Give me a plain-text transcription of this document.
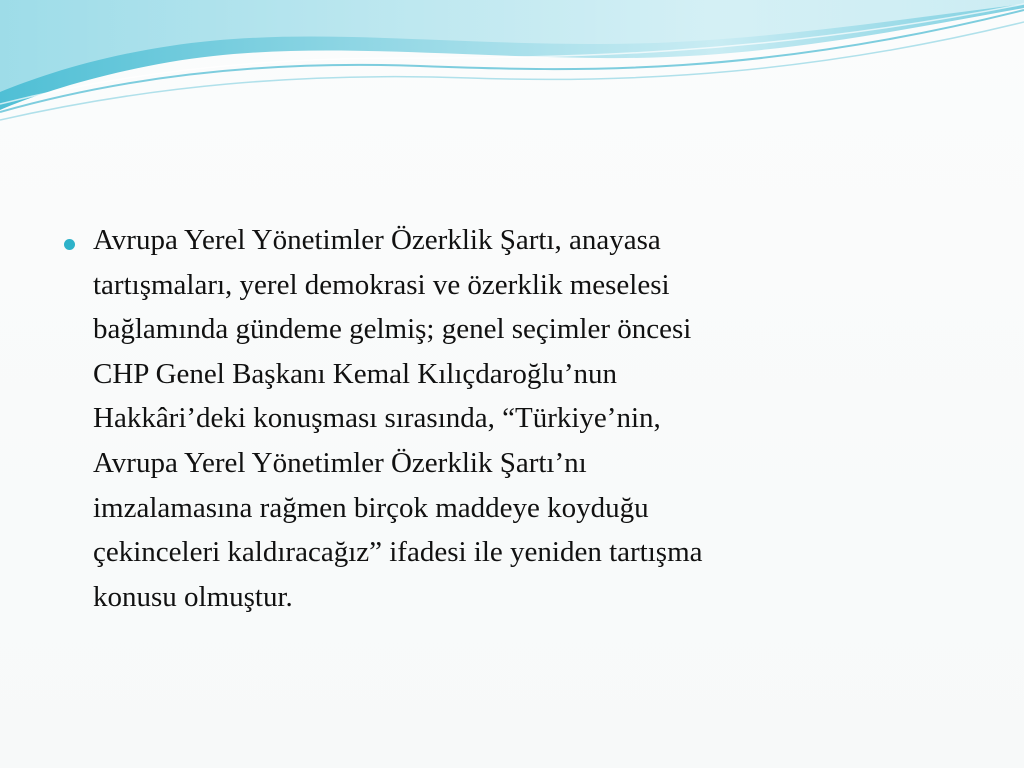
Avrupa Yerel Yönetimler Özerklik Şartı, anayasa
tartışmaları, yerel demokrasi ve özerklik meselesi
bağlamında gündeme gelmiş; genel seçimler öncesi
CHP Genel Başkanı Kemal Kılıçdaroğlu’nun
Hakkâri’deki konuşması sırasında, “Türkiye’nin,
Avrupa Yerel Yönetimler Özerklik Şartı’nı
imzalamasına rağmen birçok maddeye koyduğu
çekinceleri kaldıracağız” ifadesi ile yeniden tartışma
konusu olmuştur.
